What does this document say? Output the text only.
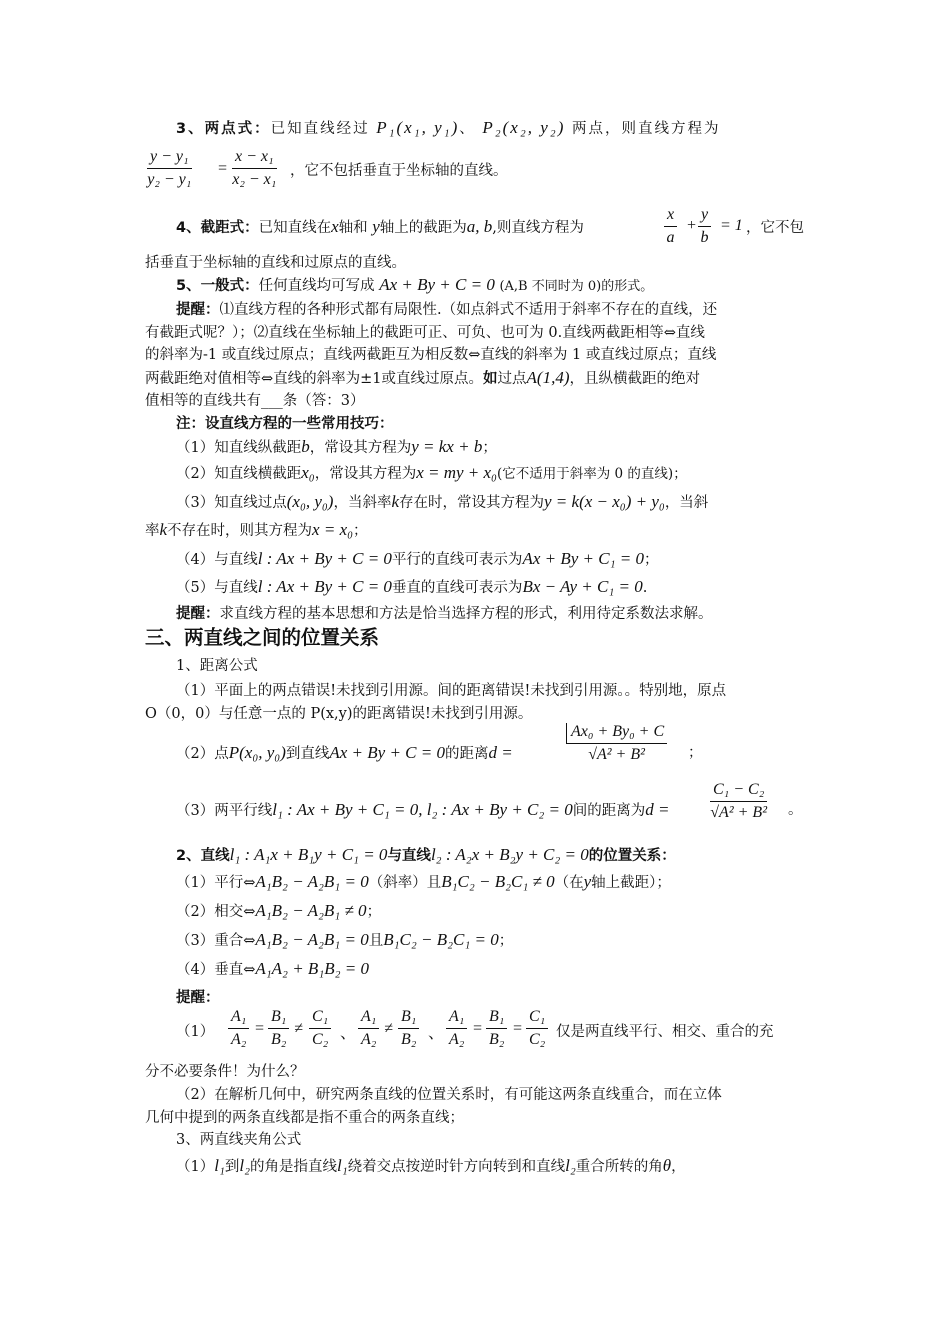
3、两点式：已知直线经过 P₁(x₁, y₁)、 P₂(x₂, y₂) 两点，则直线方程为
$\frac{\text{y − y₁}}{\text{y₂ − y₁}} = \frac{\text{x − x₁}}{\text{x₂ − x₁}}$ ，它不包括垂直于坐标轴的直线。
4、截距式：已知直线在x轴和 y轴上的截距为a, b,则直线方程为	$\frac{x}{a} + \frac{y}{b} = 1$ ，它不包
括垂直于坐标轴的直线和过原点的直线。
5、一般式：任何直线均可写成 Ax + By + C = 0 (A,B 不同时为 0)的形式。
提醒：⑴直线方程的各种形式都有局限性.（如点斜式不适用于斜率不存在的直线，还
有截距式呢？）；⑵直线在坐标轴上的截距可正、可负、也可为 0.直线两截距相等⇔直线
的斜率为-1 或直线过原点；直线两截距互为相反数⇔直线的斜率为 1 或直线过原点；直线
两截距绝对值相等⇔直线的斜率为±1或直线过原点。如过点A(1,4)，且纵横截距的绝对
值相等的直线共有___条（答：3）
注：设直线方程的一些常用技巧：
（1）知直线纵截距b，常设其方程为y = kx + b；
（2）知直线横截距x₀，常设其方程为x = my + x₀(它不适用于斜率为 0 的直线)；
（3）知直线过点(x₀, y₀)，当斜率k存在时，常设其方程为y = k(x − x₀) + y₀，当斜
率k不存在时，则其方程为x = x₀；
（4）与直线l : Ax + By + C = 0平行的直线可表示为Ax + By + C₁ = 0；
（5）与直线l : Ax + By + C = 0垂直的直线可表示为Bx − Ay + C₁ = 0.
提醒：求直线方程的基本思想和方法是恰当选择方程的形式，利用待定系数法求解。
三、两直线之间的位置关系
1、距离公式
（1）平面上的两点错误!未找到引用源。间的距离错误!未找到引用源。。特别地，原点
O（0，0）与任意一点的 P(x,y)的距离错误!未找到引用源。
（2）点P(x₀, y₀)到直线Ax + By + C = 0的距离d =	$\frac{\text{Ax₀ + By₀ + C}}{\text{√A² + B²}}$ ；
（3）两平行线l₁ : Ax + By + C₁ = 0, l₂ : Ax + By + C₂ = 0间的距离为d =	$\frac{\text{C₁ − C₂}}{\text{√A² + B²}}$ 。
2、直线l₁ : A₁x + B₁y + C₁ = 0与直线l₂ : A₂x + B₂y + C₂ = 0的位置关系：
（1）平行⇔A₁B₂ − A₂B₁ = 0（斜率）且B₁C₂ − B₂C₁ ≠ 0（在y轴上截距）；
（2）相交⇔A₁B₂ − A₂B₁ ≠ 0；
（3）重合⇔A₁B₂ − A₂B₁ = 0且B₁C₂ − B₂C₁ = 0；
（4）垂直⇔A₁A₂ + B₁B₂ = 0
提醒：
$(1) \frac{\text{A₁}}{\text{A₂}} = \frac{\text{B₁}}{\text{B₂}} \ne \frac{\text{C₁}}{\text{C₂}}$ 、 $\frac{\text{A₁}}{\text{A₂}} \ne \frac{\text{B₁}}{\text{B₂}}$ 、 $\frac{\text{A₁}}{\text{A₂}} = \frac{\text{B₁}}{\text{B₂}} = \frac{\text{C₁}}{\text{C₂}}$ 仅是两直线平行、相交、重合的充
分不必要条件！为什么？
（2）在解析几何中，研究两条直线的位置关系时，有可能这两条直线重合，而在立体
几何中提到的两条直线都是指不重合的两条直线；
3、两直线夹角公式
（1）l₁到l₂的角是指直线l₁绕着交点按逆时针方向转到和直线l₂重合所转的角θ，
